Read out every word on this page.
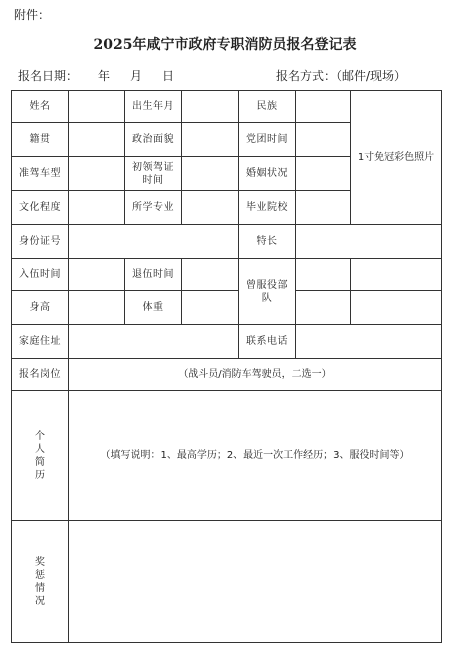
附件：
2025年咸宁市政府专职消防员报名登记表
报名日期： 年 月 日	报名方式：（邮件/现场）
姓名		出生年月		民族		1寸免冠彩色照片
籍贯		政治面貌		党团时间		
准驾车型		初领驾证时间		婚姻状况		
文化程度		所学专业		毕业院校		
身份证号				特长		
入伍时间		退伍时间		曾服役部队		
身高		体重				
家庭住址				联系电话		
报名岗位	（战斗员/消防车驾驶员，二选一）					
个人简历	（填写说明：1、最高学历；2、最近一次工作经历；3、服役时间等）					
奖惩情况						
